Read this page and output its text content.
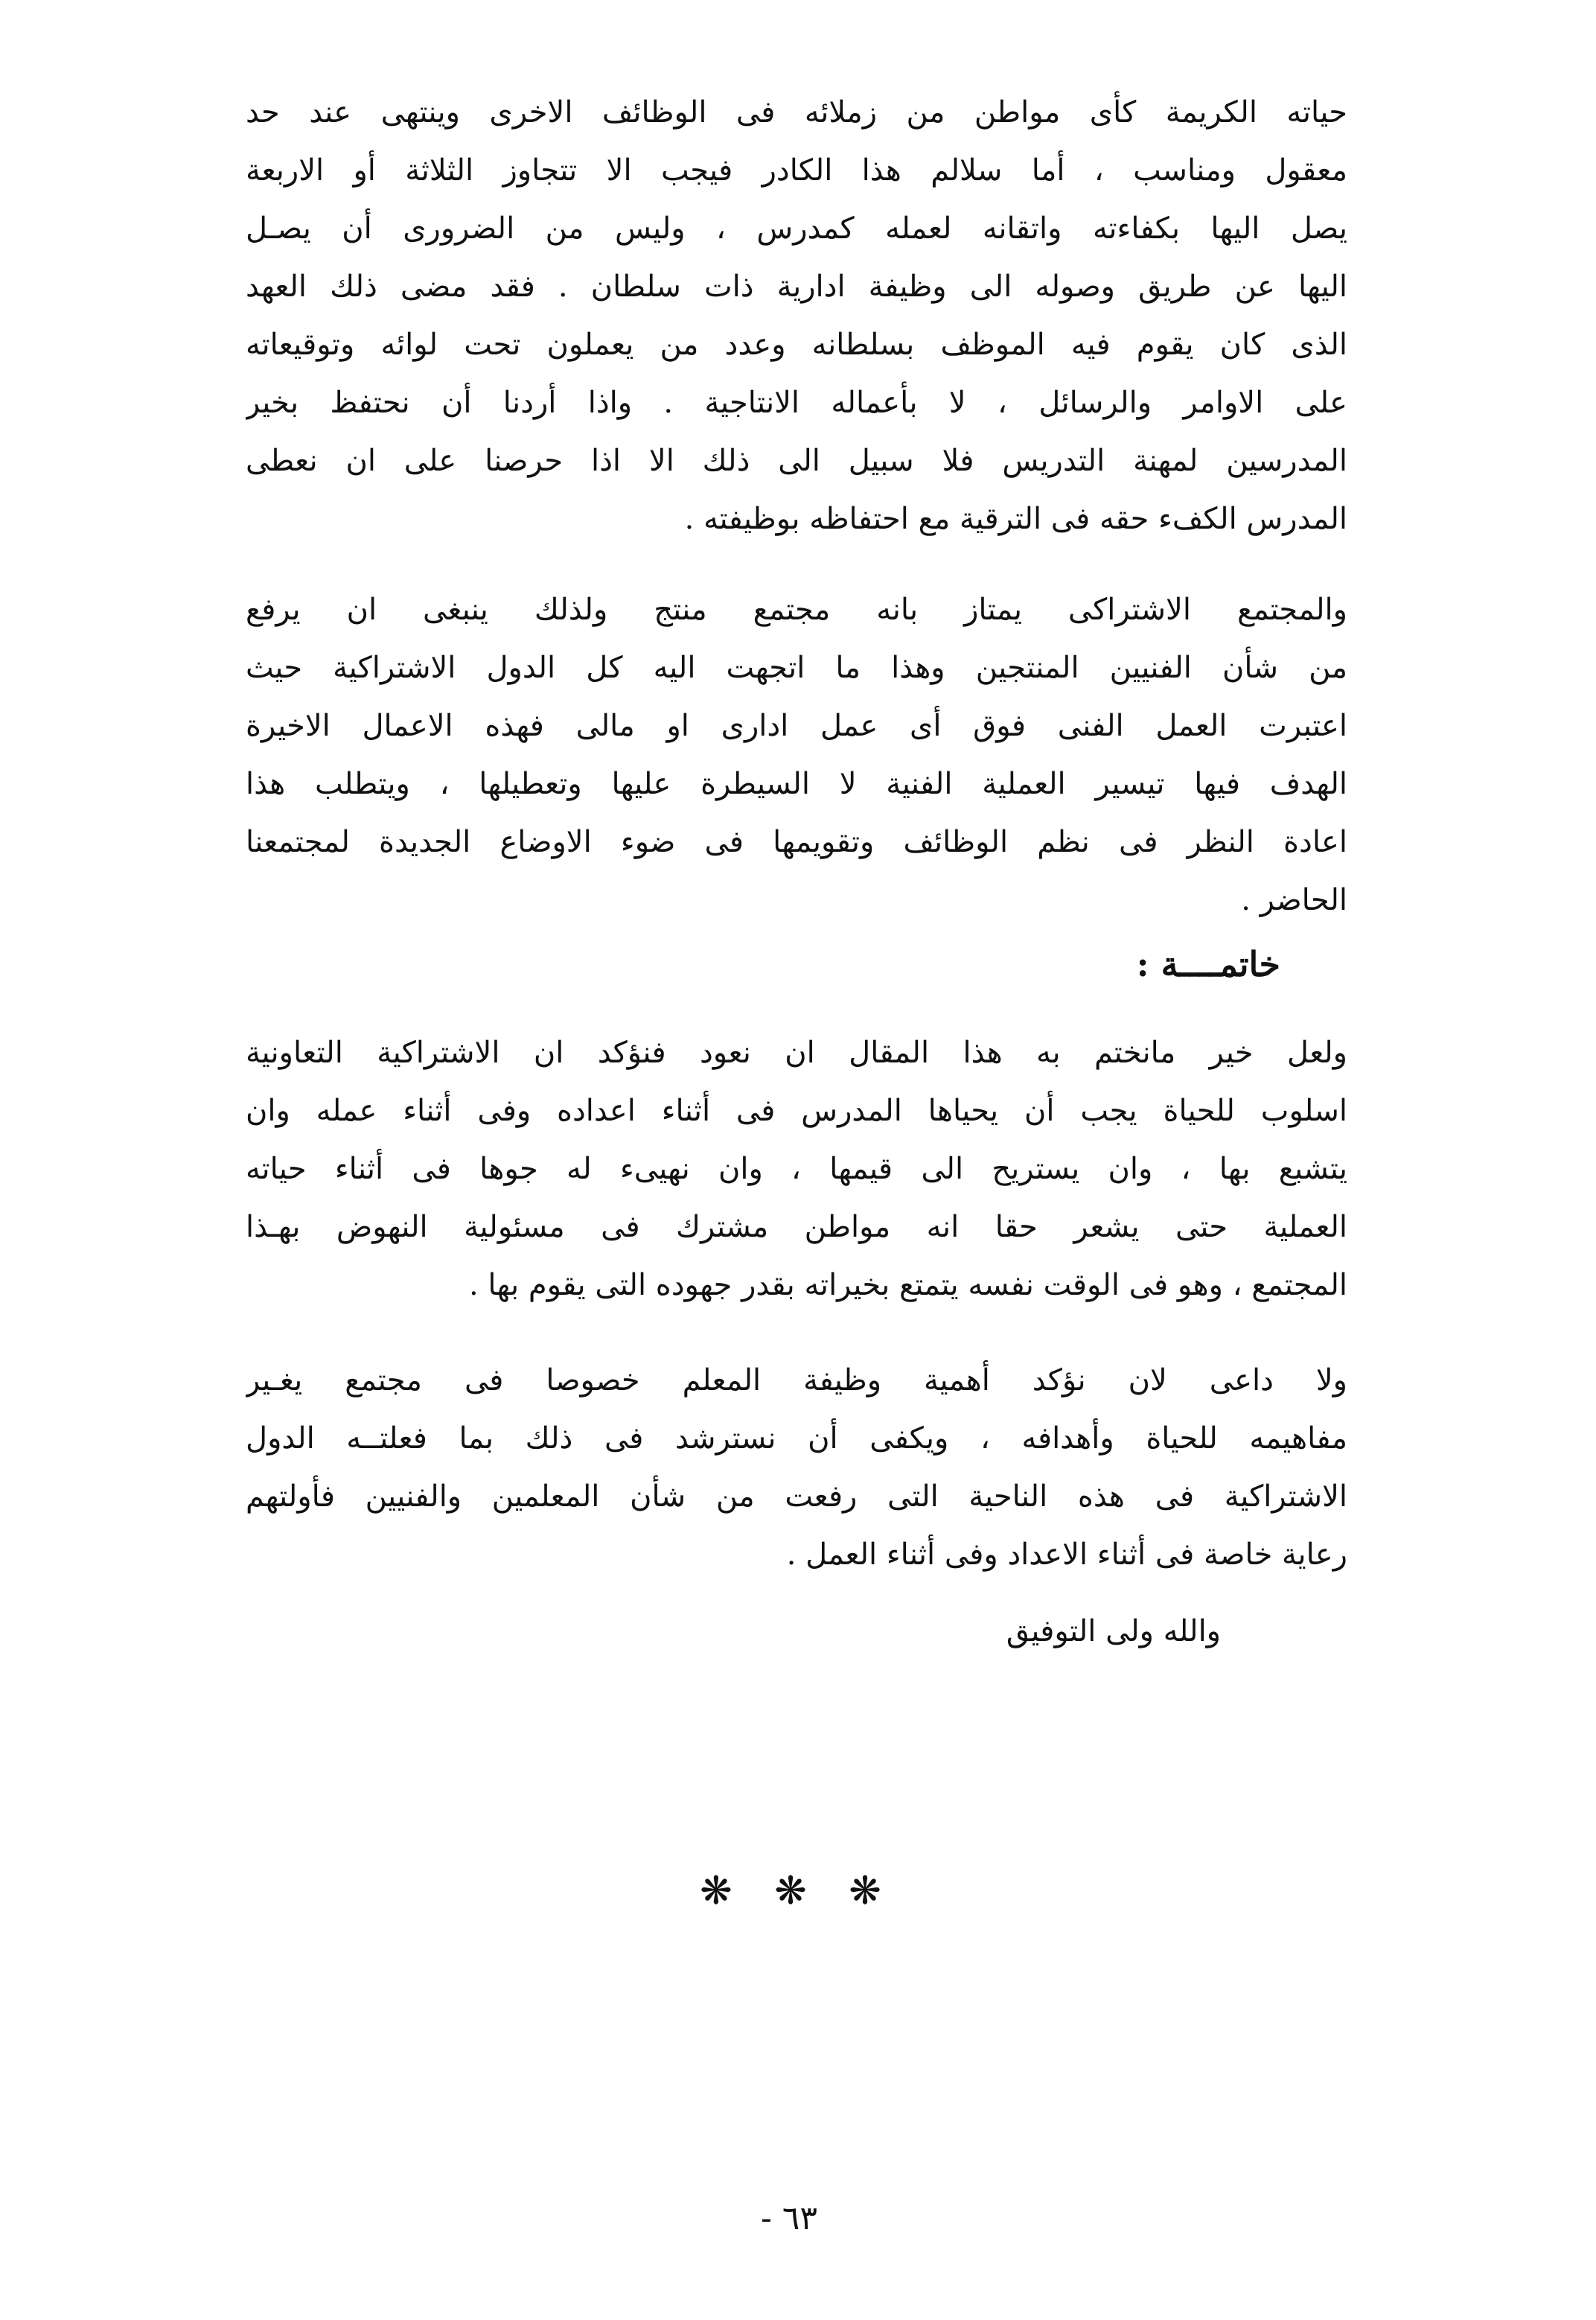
حياته الكريمة كأى مواطن من زملائه فى الوظائف الاخرى وينتهى عند حد
معقول ومناسب ، أما سلالم هذا الكادر فيجب الا تتجاوز الثلاثة أو الاربعة
يصل اليها بكفاءته واتقانه لعمله كمدرس ، وليس من الضرورى أن يصـل
اليها عن طريق وصوله الى وظيفة ادارية ذات سلطان . فقد مضى ذلك العهد
الذى كان يقوم فيه الموظف بسلطانه وعدد من يعملون تحت لوائه وتوقيعاته
على الاوامر والرسائل ، لا بأعماله الانتاجية . واذا أردنا أن نحتفظ بخير
المدرسين لمهنة التدريس فلا سبيل الى ذلك الا اذا حرصنا على ان نعطى
المدرس الكفء حقه فى الترقية مع احتفاظه بوظيفته .
والمجتمع الاشتراكى يمتاز بانه مجتمع منتج ولذلك ينبغى ان يرفع
من شأن الفنيين المنتجين وهذا ما اتجهت اليه كل الدول الاشتراكية حيث
اعتبرت العمل الفنى فوق أى عمل ادارى او مالى فهذه الاعمال الاخيرة
الهدف فيها تيسير العملية الفنية لا السيطرة عليها وتعطيلها ، ويتطلب هذا
اعادة النظر فى نظم الوظائف وتقويمها فى ضوء الاوضاع الجديدة لمجتمعنا
الحاضر .
خاتمــــة :
ولعل خير مانختم به هذا المقال ان نعود فنؤكد ان الاشتراكية التعاونية
اسلوب للحياة يجب أن يحياها المدرس فى أثناء اعداده وفى أثناء عمله وان
يتشبع بها ، وان يستريح الى قيمها ، وان نهيىء له جوها فى أثناء حياته
العملية حتى يشعر حقا انه مواطن مشترك فى مسئولية النهوض بهـذا
المجتمع ، وهو فى الوقت نفسه يتمتع بخيراته بقدر جهوده التى يقوم بها .
ولا داعى لان نؤكد أهمية وظيفة المعلم خصوصا فى مجتمع يغـير
مفاهيمه للحياة وأهدافه ، ويكفى أن نسترشد فى ذلك بما فعلتــه الدول
الاشتراكية فى هذه الناحية التى رفعت من شأن المعلمين والفنيين فأولتهم
رعاية خاصة فى أثناء الاعداد وفى أثناء العمل .
والله ولى التوفيق
❋ ❋ ❋
- ٦٣
